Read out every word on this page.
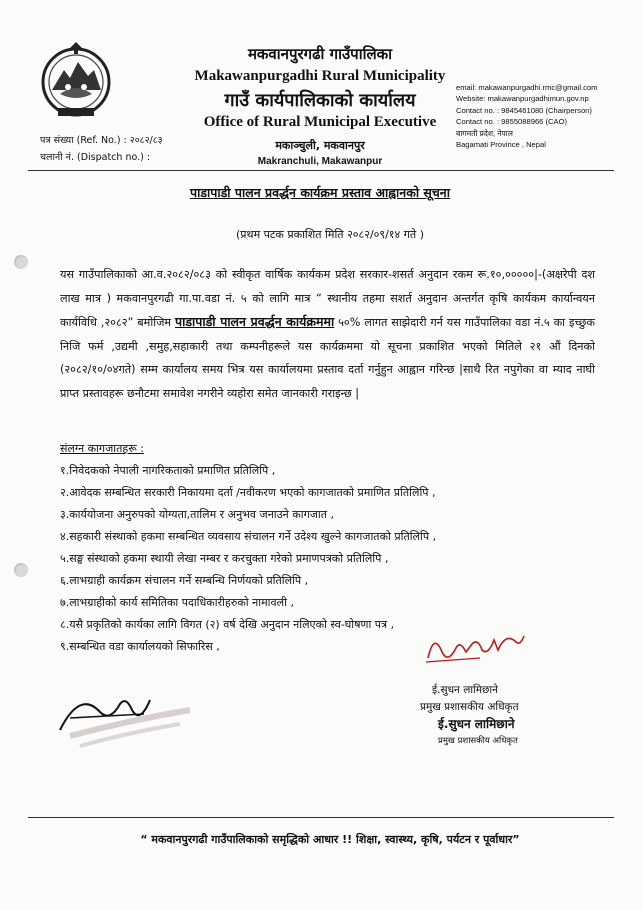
मकवानपुरगढी गाउँपालिका
Makawanpurgadhi Rural Municipality
गाउँ कार्यपालिकाको कार्यालय
Office of Rural Municipal Executive
मकाञ्चुली, मकवानपुर
Makranchuli, Makawanpur
email: makawanpurgadhi.rmc@gmail.com
Website: makawanpurgadhimun.gov.np
Contact no. : 9845461080 (Chairperson)
Contact no. : 9855088966 (CAO)
बागमती प्रदेश, नेपाल
Bagamati Province , Nepal
पत्र संख्या (Ref. No.) : २०८२/८३
चलानी नं. (Dispatch no.) :
पाडापाडी पालन प्रवर्द्धन कार्यक्रम प्रस्ताव आह्वानको सूचना
(प्रथम पटक प्रकाशित मिति २०८२/०९/१४ गते )
यस गाउँपालिकाको आ.व.२०८२/०८३ को स्वीकृत वार्षिक कार्यकम प्रदेश सरकार-शसर्त अनुदान रकम रू.१०,०००००|-(अक्षरेपी दश लाख मात्र ) मकवानपुरगढी गा.पा.वडा नं. ५ को लागि मात्र “ स्थानीय तहमा सशर्त अनुदान अन्तर्गत कृषि कार्यकम कार्यान्वयन कार्यविधि ,२०८२” बमोजिम पाडापाडी पालन प्रवर्द्धन कार्यक्रममा ५०% लागत साझेदारी गर्न यस गाउँपालिका वडा नं.५ का इच्छुक निजि फर्म ,उद्यमी ,समुह,सहाकारी तथा कम्पनीहरूले यस कार्यक्रममा यो सूचना प्रकाशित भएको मितिले २१ औं दिनको (२०८२/१०/०४गते) सम्म कार्यालय समय भित्र यस कार्यालयमा प्रस्ताव दर्ता गर्नुहुन आह्वान गरिन्छ |साथै रित नपुगेका वा म्याद नाघी प्राप्त प्रस्तावहरू छनौटमा समावेश नगरीने व्यहोरा समेत जानकारी गराइन्छ |
संलग्न कागजातहरू :
१.निवेदकको नेपाली नागरिकताको प्रमाणित प्रतिलिपि ,
२.आवेदक सम्बन्धित सरकारी निकायमा दर्ता /नवीकरण भएको कागजातको प्रमाणित प्रतिलिपि ,
३.कार्ययोजना अनुरुपको योग्यता,तालिम र अनुभव जनाउने कागजात ,
४.सहकारी संस्थाको हकमा सम्बन्धित व्यवसाय संचालन गर्ने उदेश्य खुल्ने कागजातको प्रतिलिपि ,
५.सङ्घ संस्थाको हकमा स्थायी लेखा नम्बर र करचुक्ता गरेको प्रमाणपत्रको प्रतिलिपि ,
६.लाभग्राही कार्यक्रम संचालन गर्ने सम्बन्धि निर्णयको प्रतिलिपि ,
७.लाभग्राहीको कार्य समितिका पदाधिकारीहरुको नामावली ,
८.यसै प्रकृतिको कार्यका लागि विगत (२) वर्ष देखि अनुदान नलिएको स्व-घोषणा पत्र ,
९.सम्बन्धित वडा कार्यालयको सिफारिस ,
ई.सुधन लामिछाने
प्रमुख प्रशासकीय अधिकृत
ई.सुधन लामिछाने
प्रमुख प्रशासकीय अधिकृत
“ मकवानपुरगढी गाउँपालिकाको समृद्धिको आधार !! शिक्षा, स्वास्थ्य, कृषि, पर्यटन र पूर्वाधार”
